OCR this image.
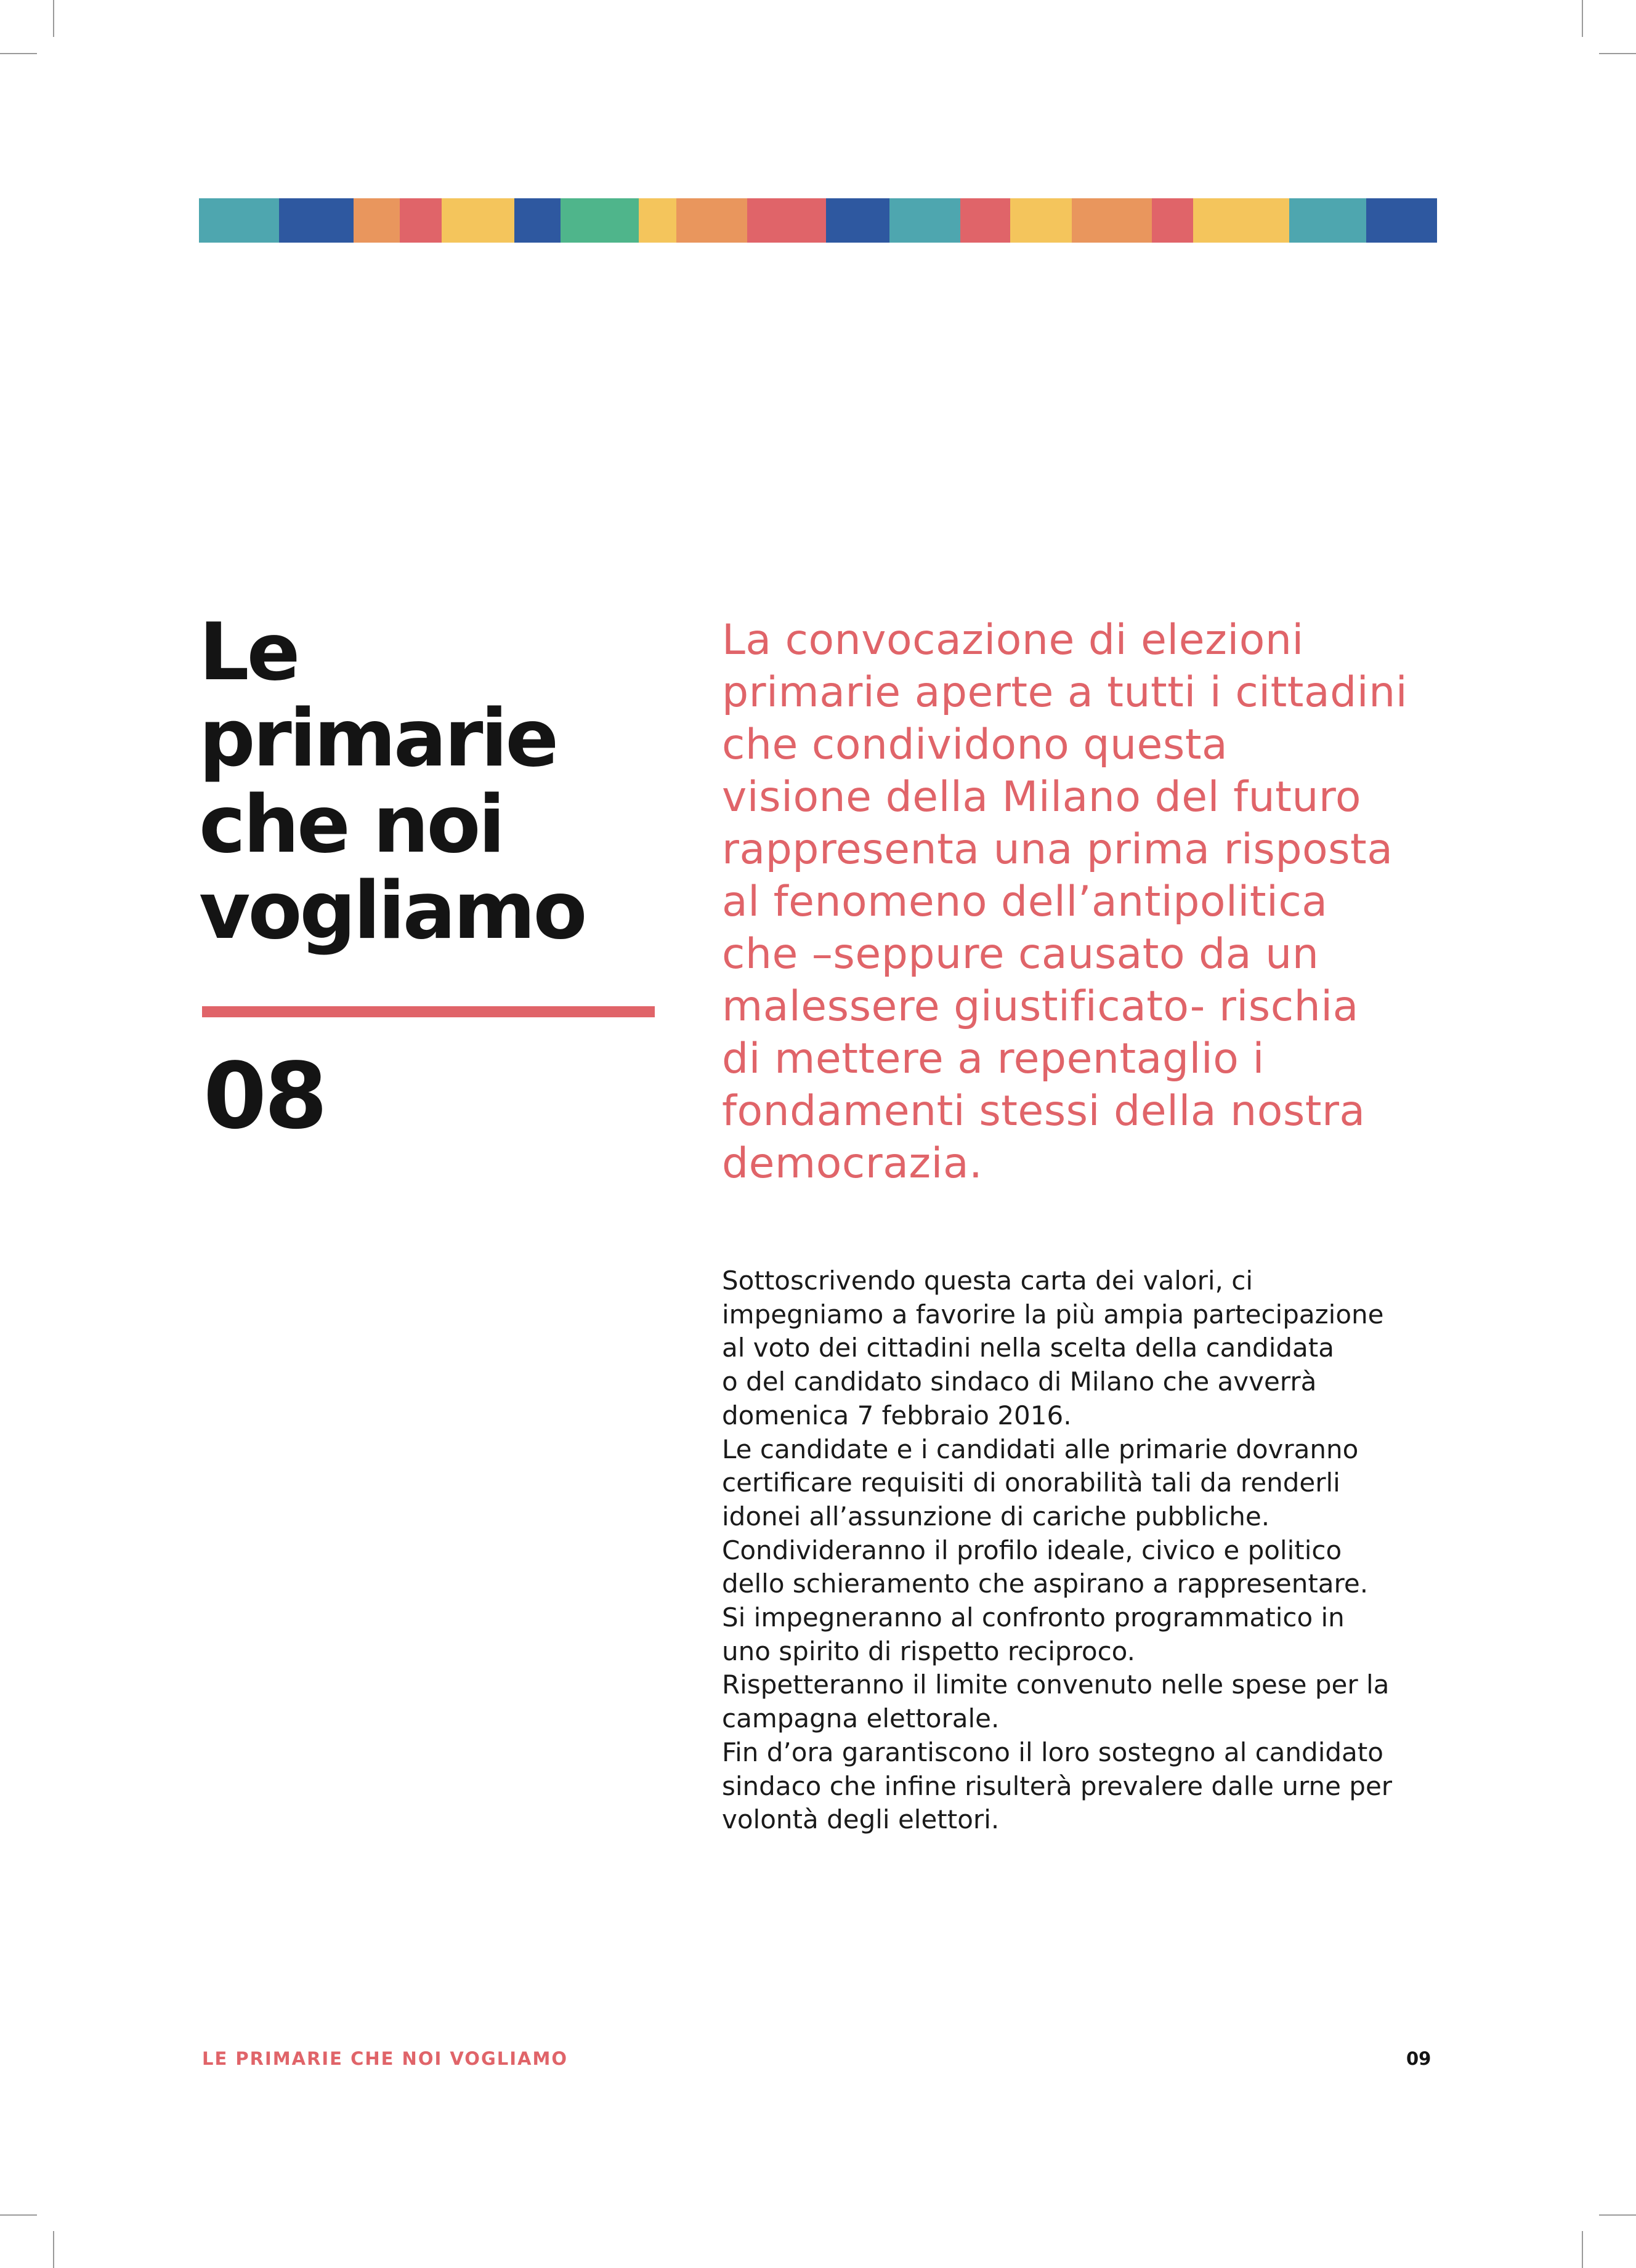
Le
primarie
che noi
vogliamo
08
La convocazione di elezioni
primarie aperte a tutti i cittadini
che condividono questa
visione della Milano del futuro
rappresenta una prima risposta
al fenomeno dell’antipolitica
che –seppure causato da un
malessere giustificato- rischia
di mettere a repentaglio i
fondamenti stessi della nostra
democrazia.
Sottoscrivendo questa carta dei valori, ci
impegniamo a favorire la più ampia partecipazione
al voto dei cittadini nella scelta della candidata
o del candidato sindaco di Milano che avverrà
domenica 7 febbraio 2016.
Le candidate e i candidati alle primarie dovranno
certificare requisiti di onorabilità tali da renderli
idonei all’assunzione di cariche pubbliche.
Condivideranno il profilo ideale, civico e politico
dello schieramento che aspirano a rappresentare.
Si impegneranno al confronto programmatico in
uno spirito di rispetto reciproco.
Rispetteranno il limite convenuto nelle spese per la
campagna elettorale.
Fin d’ora garantiscono il loro sostegno al candidato
sindaco che infine risulterà prevalere dalle urne per
volontà degli elettori.
LE PRIMARIE CHE NOI VOGLIAMO	09
